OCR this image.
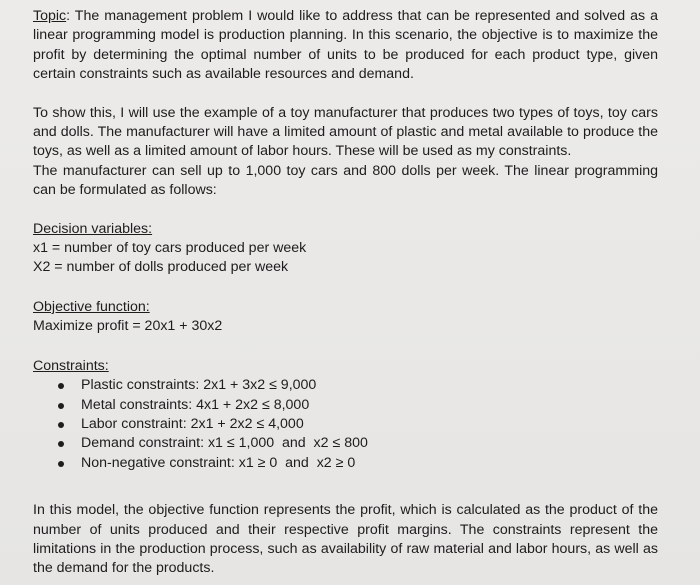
Topic: The management problem I would like to address that can be represented and solved as a linear programming model is production planning. In this scenario, the objective is to maximize the profit by determining the optimal number of units to be produced for each product type, given certain constraints such as available resources and demand.

To show this, I will use the example of a toy manufacturer that produces two types of toys, toy cars and dolls. The manufacturer will have a limited amount of plastic and metal available to produce the toys, as well as a limited amount of labor hours. These will be used as my constraints.

The manufacturer can sell up to 1,000 toy cars and 800 dolls per week. The linear programming can be formulated as follows:

Decision variables:
x1 = number of toy cars produced per week
X2 = number of dolls produced per week
Objective function:
Maximize profit = 20x1 + 30x2
Constraints:
Plastic constraints: 2x1 + 3x2 ≤ 9,000
Metal constraints: 4x1 + 2x2 ≤ 8,000
Labor constraint: 2x1 + 2x2 ≤ 4,000
Demand constraint: x1 ≤ 1,000  and  x2 ≤ 800
Non-negative constraint: x1 ≥ 0  and  x2 ≥ 0

In this model, the objective function represents the profit, which is calculated as the product of the number of units produced and their respective profit margins. The constraints represent the limitations in the production process, such as availability of raw material and labor hours, as well as the demand for the products.
